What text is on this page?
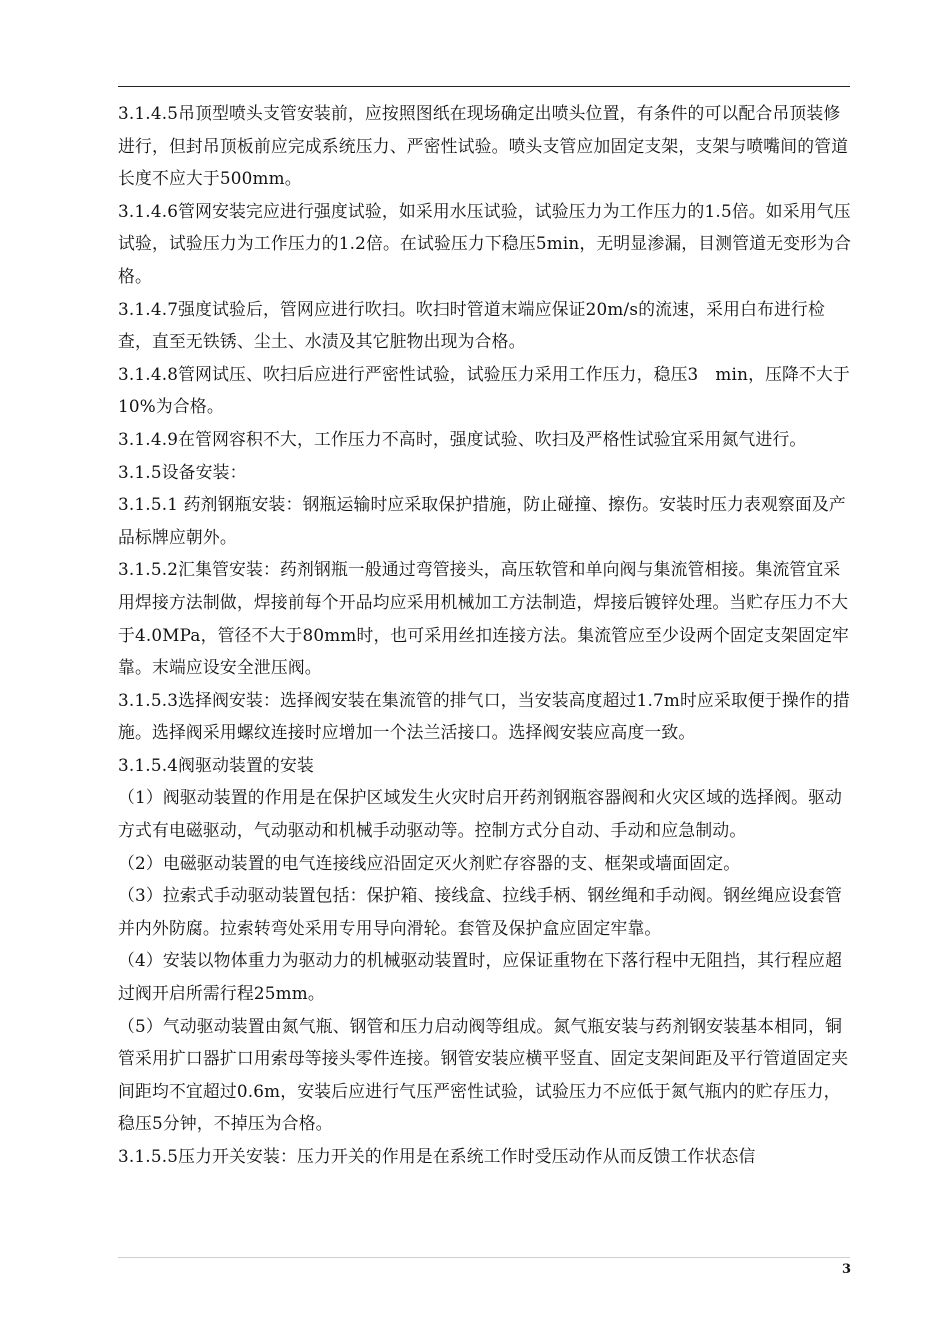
3.1.4.5吊顶型喷头支管安装前，应按照图纸在现场确定出喷头位置，有条件的可以配合吊顶装修进行，但封吊顶板前应完成系统压力、严密性试验。喷头支管应加固定支架，支架与喷嘴间的管道长度不应大于500mm。

3.1.4.6管网安装完应进行强度试验，如采用水压试验，试验压力为工作压力的1.5倍。如采用气压试验，试验压力为工作压力的1.2倍。在试验压力下稳压5min，无明显渗漏，目测管道无变形为合格。

3.1.4.7强度试验后，管网应进行吹扫。吹扫时管道末端应保证20m/s的流速，采用白布进行检查，直至无铁锈、尘土、水渍及其它脏物出现为合格。

3.1.4.8管网试压、吹扫后应进行严密性试验，试验压力采用工作压力，稳压3　min，压降不大于10%为合格。

3.1.4.9在管网容积不大，工作压力不高时，强度试验、吹扫及严格性试验宜采用氮气进行。

3.1.5设备安装：

3.1.5.1 药剂钢瓶安装：钢瓶运输时应采取保护措施，防止碰撞、擦伤。安装时压力表观察面及产品标牌应朝外。

3.1.5.2汇集管安装：药剂钢瓶一般通过弯管接头，高压软管和单向阀与集流管相接。集流管宜采用焊接方法制做，焊接前每个开品均应采用机械加工方法制造，焊接后镀锌处理。当贮存压力不大于4.0MPa，管径不大于80mm时，也可采用丝扣连接方法。集流管应至少设两个固定支架固定牢靠。末端应设安全泄压阀。

3.1.5.3选择阀安装：选择阀安装在集流管的排气口，当安装高度超过1.7m时应采取便于操作的措施。选择阀采用螺纹连接时应增加一个法兰活接口。选择阀安装应高度一致。

3.1.5.4阀驱动装置的安装

（1）阀驱动装置的作用是在保护区域发生火灾时启开药剂钢瓶容器阀和火灾区域的选择阀。驱动方式有电磁驱动，气动驱动和机械手动驱动等。控制方式分自动、手动和应急制动。

（2）电磁驱动装置的电气连接线应沿固定灭火剂贮存容器的支、框架或墙面固定。

（3）拉索式手动驱动装置包括：保护箱、接线盒、拉线手柄、钢丝绳和手动阀。钢丝绳应设套管并内外防腐。拉索转弯处采用专用导向滑轮。套管及保护盒应固定牢靠。

（4）安装以物体重力为驱动力的机械驱动装置时，应保证重物在下落行程中无阻挡，其行程应超过阀开启所需行程25mm。

（5）气动驱动装置由氮气瓶、钢管和压力启动阀等组成。氮气瓶安装与药剂钢安装基本相同，铜管采用扩口器扩口用索母等接头零件连接。钢管安装应横平竖直、固定支架间距及平行管道固定夹间距均不宜超过0.6m，安装后应进行气压严密性试验，试验压力不应低于氮气瓶内的贮存压力，稳压5分钟，不掉压为合格。

3.1.5.5压力开关安装：压力开关的作用是在系统工作时受压动作从而反馈工作状态信

3
